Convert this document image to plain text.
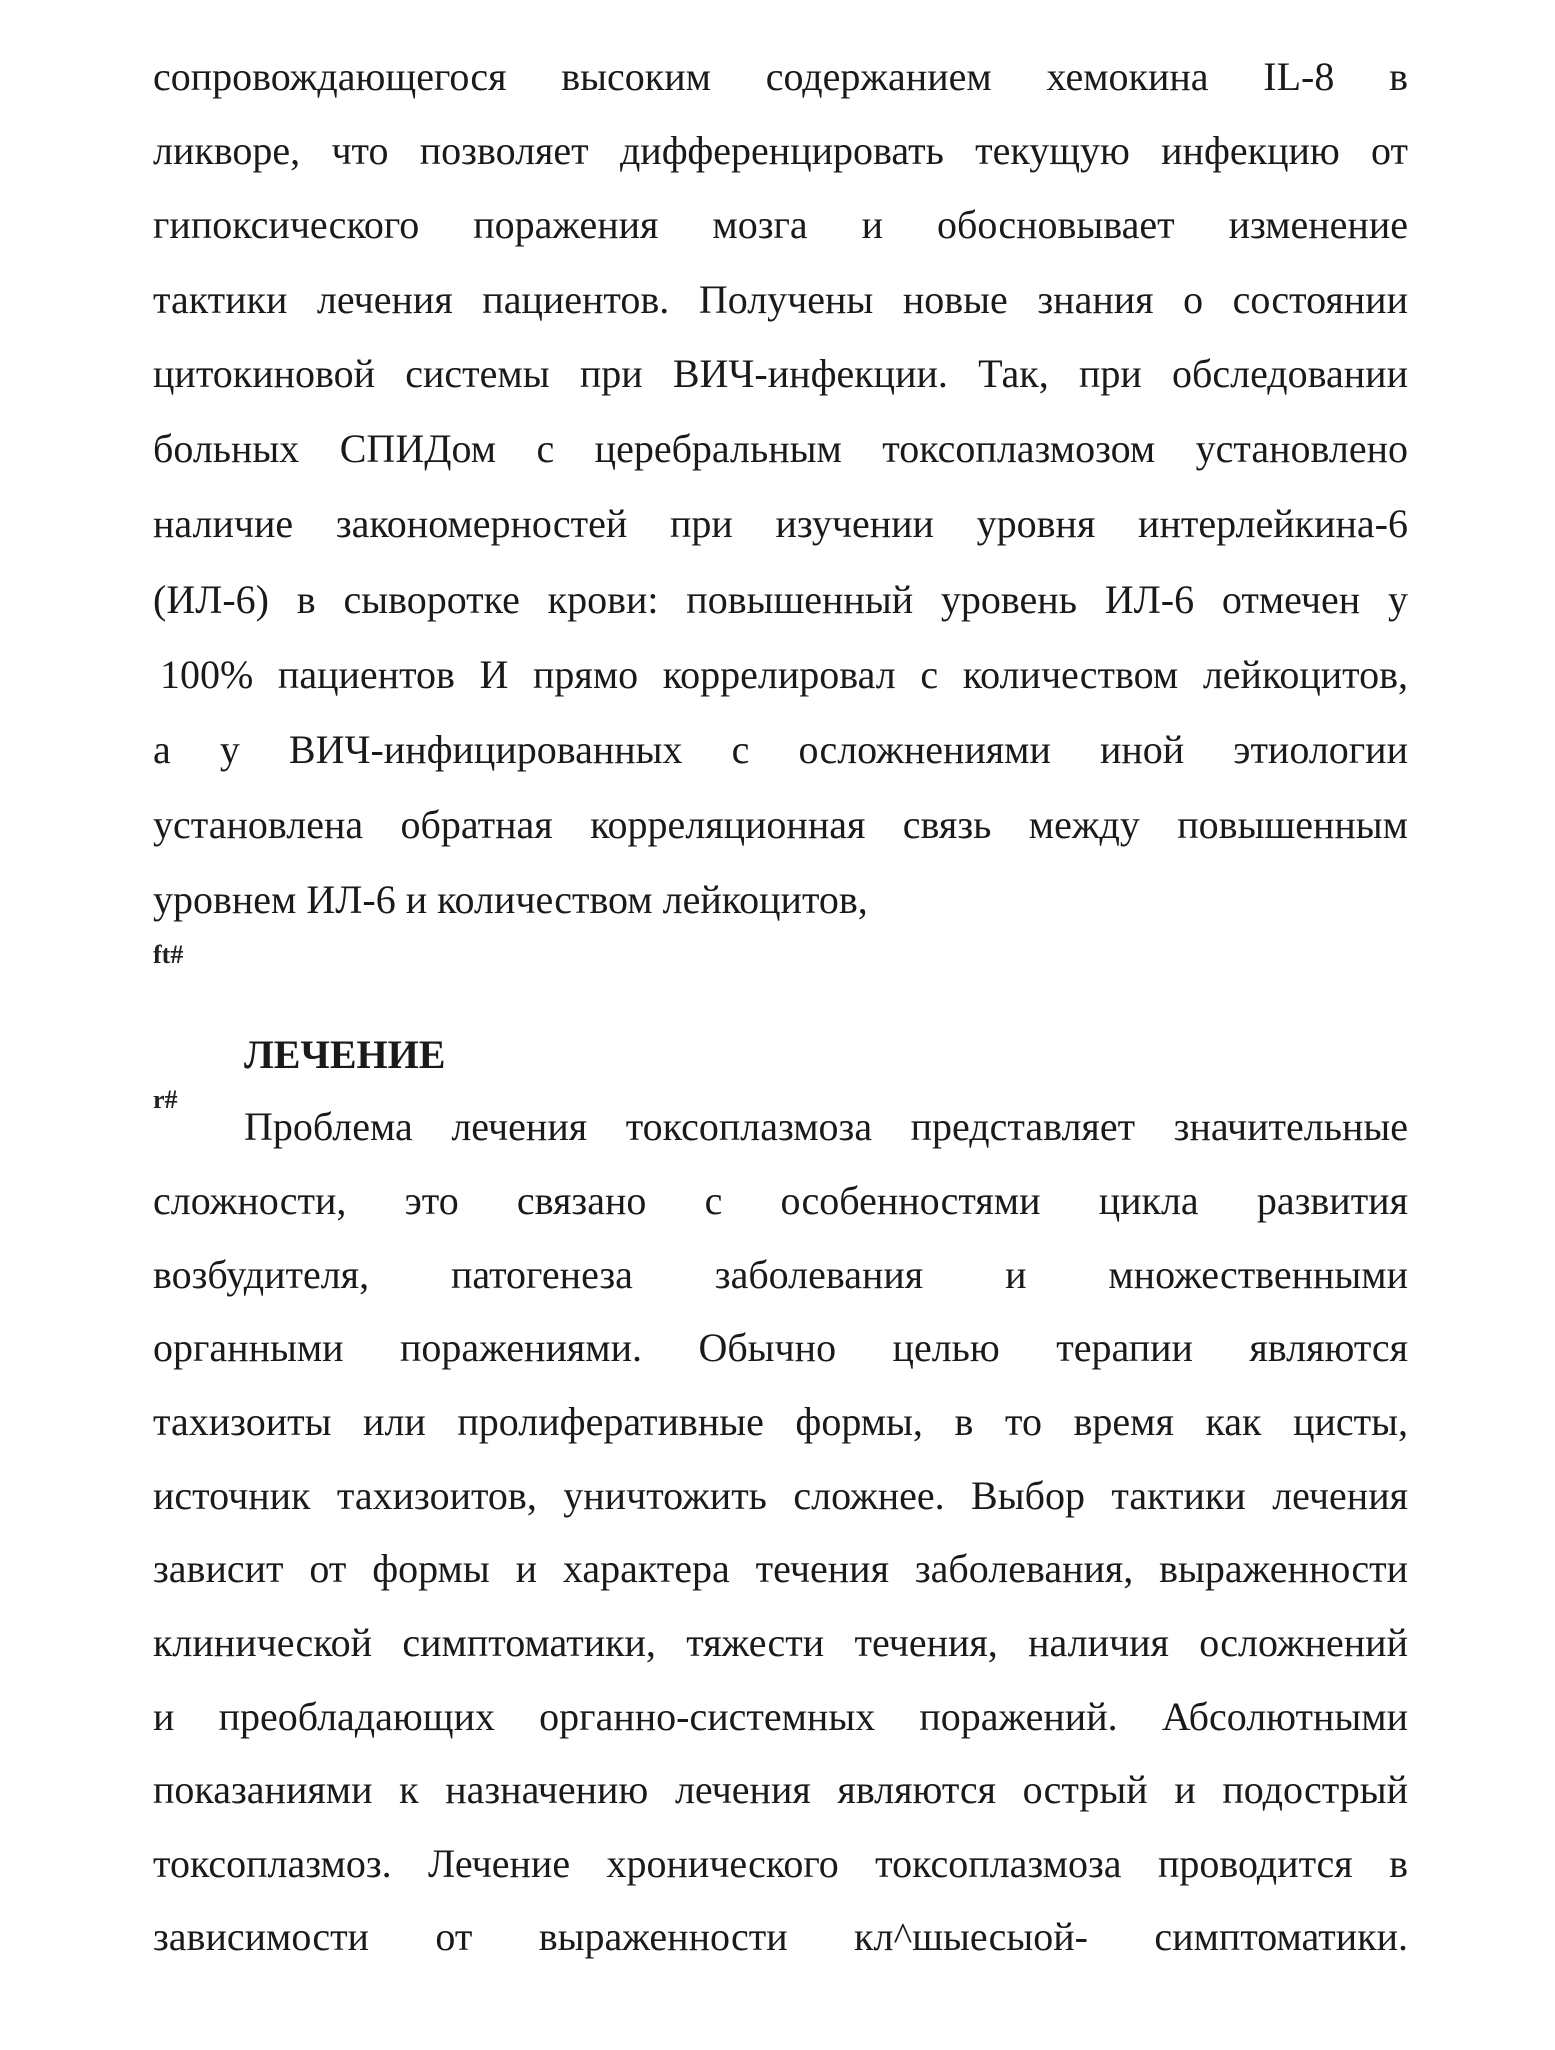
сопровождающегося высоким содержанием хемокина IL-8 в
ликворе, что позволяет дифференцировать текущую инфекцию от
гипоксического поражения мозга и обосновывает изменение
тактики лечения пациентов. Получены новые знания о состоянии
цитокиновой системы при ВИЧ-инфекции. Так, при обследовании
больных СПИДом с церебральным токсоплазмозом установлено
наличие закономерностей при изучении уровня интерлейкина-6
(ИЛ-6) в сыворотке крови: повышенный уровень ИЛ-6 отмечен у
100% пациентов И прямо коррелировал с количеством лейкоцитов,
а у ВИЧ-инфицированных с осложнениями иной этиологии
установлена обратная корреляционная связь между повышенным
уровнем ИЛ-6 и количеством лейкоцитов,
ft#
ЛЕЧЕНИЕ
r#
Проблема лечения токсоплазмоза представляет значительные
сложности, это связано с особенностями цикла развития
возбудителя, патогенеза заболевания и множественными
органными поражениями. Обычно целью терапии являются
тахизоиты или пролиферативные формы, в то время как цисты,
источник тахизоитов, уничтожить сложнее. Выбор тактики лечения
зависит от формы и характера течения заболевания, выраженности
клинической симптоматики, тяжести течения, наличия осложнений
и преобладающих органно-системных поражений. Абсолютными
показаниями к назначению лечения являются острый и подострый
токсоплазмоз. Лечение хронического токсоплазмоза проводится в
зависимости от выраженности кл^шыесыой- симптоматики.
